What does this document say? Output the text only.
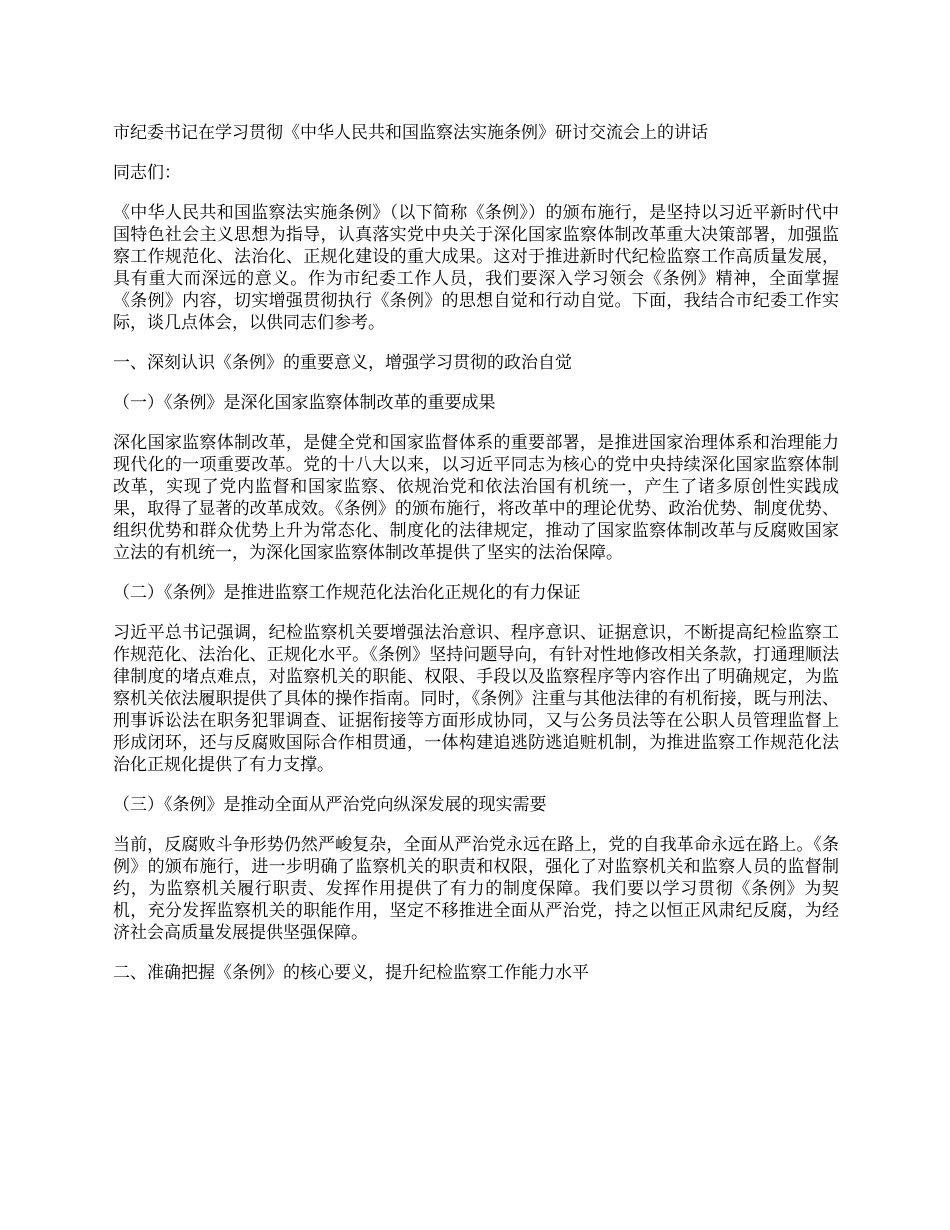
市纪委书记在学习贯彻《中华人民共和国监察法实施条例》研讨交流会上的讲话

同志们：

《中华人民共和国监察法实施条例》（以下简称《条例》）的颁布施行，是坚持以习近平新时代中国特色社会主义思想为指导，认真落实党中央关于深化国家监察体制改革重大决策部署，加强监察工作规范化、法治化、正规化建设的重大成果。这对于推进新时代纪检监察工作高质量发展，具有重大而深远的意义。作为市纪委工作人员，我们要深入学习领会《条例》精神，全面掌握《条例》内容，切实增强贯彻执行《条例》的思想自觉和行动自觉。下面，我结合市纪委工作实际，谈几点体会，以供同志们参考。

一、深刻认识《条例》的重要意义，增强学习贯彻的政治自觉

（一）《条例》是深化国家监察体制改革的重要成果

深化国家监察体制改革，是健全党和国家监督体系的重要部署，是推进国家治理体系和治理能力现代化的一项重要改革。党的十八大以来，以习近平同志为核心的党中央持续深化国家监察体制改革，实现了党内监督和国家监察、依规治党和依法治国有机统一，产生了诸多原创性实践成果，取得了显著的改革成效。《条例》的颁布施行，将改革中的理论优势、政治优势、制度优势、组织优势和群众优势上升为常态化、制度化的法律规定，推动了国家监察体制改革与反腐败国家立法的有机统一，为深化国家监察体制改革提供了坚实的法治保障。

（二）《条例》是推进监察工作规范化法治化正规化的有力保证

习近平总书记强调，纪检监察机关要增强法治意识、程序意识、证据意识，不断提高纪检监察工作规范化、法治化、正规化水平。《条例》坚持问题导向，有针对性地修改相关条款，打通理顺法律制度的堵点难点，对监察机关的职能、权限、手段以及监察程序等内容作出了明确规定，为监察机关依法履职提供了具体的操作指南。同时，《条例》注重与其他法律的有机衔接，既与刑法、刑事诉讼法在职务犯罪调查、证据衔接等方面形成协同，又与公务员法等在公职人员管理监督上形成闭环，还与反腐败国际合作相贯通，一体构建追逃防逃追赃机制，为推进监察工作规范化法治化正规化提供了有力支撑。

（三）《条例》是推动全面从严治党向纵深发展的现实需要

当前，反腐败斗争形势仍然严峻复杂，全面从严治党永远在路上，党的自我革命永远在路上。《条例》的颁布施行，进一步明确了监察机关的职责和权限，强化了对监察机关和监察人员的监督制约，为监察机关履行职责、发挥作用提供了有力的制度保障。我们要以学习贯彻《条例》为契机，充分发挥监察机关的职能作用，坚定不移推进全面从严治党，持之以恒正风肃纪反腐，为经济社会高质量发展提供坚强保障。

二、准确把握《条例》的核心要义，提升纪检监察工作能力水平
